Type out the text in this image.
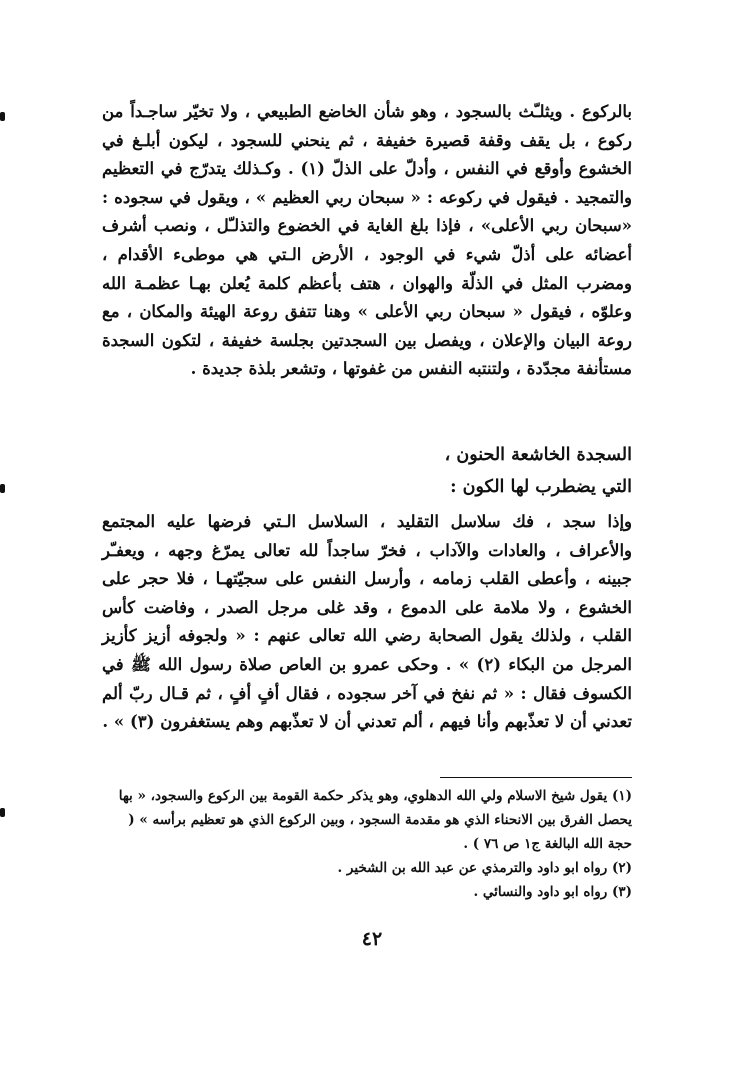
بالركوع . ويثلـّث بالسجود ، وهو شأن الخاضع الطبيعي ، ولا تخيّر ساجـداً من ركوع ، بل يقف وقفة قصيرة خفيفة ، ثم ينحني للسجود ، ليكون أبلـغ في الخشوع وأوقع في النفس ، وأدلّ على الذلّ (١) . وكـذلك يتدرّج في التعظيم والتمجيد . فيقول في ركوعه : « سبحان ربي العظيم » ، ويقول في سجوده : «سبحان ربي الأعلى» ، فإذا بلغ الغاية في الخضوع والتذلـّل ، ونصب أشرف أعضائه على أذلّ شيء في الوجود ، الأرض الـتي هي موطىء الأقدام ، ومضرب المثل في الذلّة والهوان ، هتف بأعظم كلمة يُعلن بهـا عظمـة الله وعلوّه ، فيقول « سبحان ربي الأعلى » وهنا تتفق روعة الهيئة والمكان ، مع روعة البيان والإعلان ، ويفصل بين السجدتين بجلسة خفيفة ، لتكون السجدة مستأنفة مجدّدة ، ولتنتبه النفس من غفوتها ، وتشعر بلذة جديدة .

السجدة الخاشعة الحنون ،
التي يضطرب لها الكون :

وإذا سجد ، فك سلاسل التقليد ، السلاسل الـتي فرضها عليه المجتمع والأعراف ، والعادات والآداب ، فخرّ ساجداً لله تعالى يمرّغ وجهه ، ويعفـّر جبينه ، وأعطى القلب زمامه ، وأرسل النفس على سجيّتهـا ، فلا حجر على الخشوع ، ولا ملامة على الدموع ، وقد غلى مرجل الصدر ، وفاضت كأس القلب ، ولذلك يقول الصحابة رضي الله تعالى عنهم : « ولجوفه أزيز كأزيز المرجل من البكاء (٢) » . وحكى عمرو بن العاص صلاة رسول الله ﷺ في الكسوف فقال : « ثم نفخ في آخر سجوده ، فقال أفٍ أفٍ ، ثم قـال ربّ ألم تعدني أن لا تعذّبهم وأنا فيهم ، ألم تعدني أن لا تعذّبهم وهم يستغفرون (٣) » .

(١) يقول شيخ الاسلام ولي الله الدهلوي، وهو يذكر حكمة القومة بين الركوع والسجود، « بها يحصل الفرق بين الانحناء الذي هو مقدمة السجود ، وبين الركوع الذي هو تعظيم برأسه » ( حجة الله البالغة ج١ ص ٧٦ ) .

(٢) رواه ابو داود والترمذي عن عبد الله بن الشخير .

(٣) رواه ابو داود والنسائي .

٤٢
